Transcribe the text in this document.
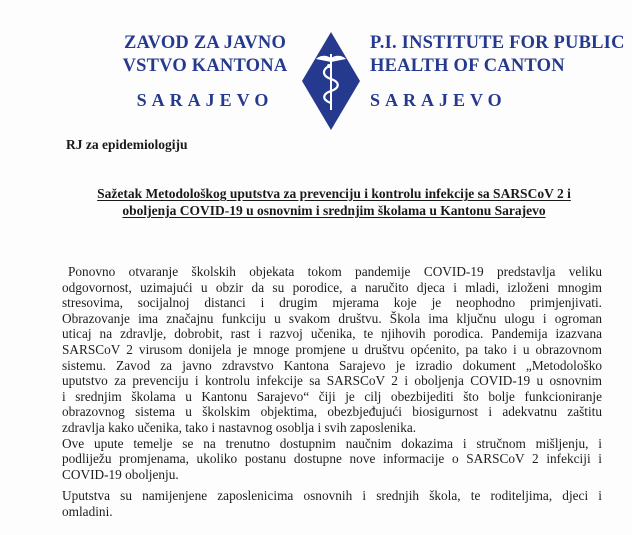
ZAVOD ZA JAVNO
VSTVO KANTONA
SARAJEVO
P.I. INSTITUTE FOR PUBLIC
HEALTH OF CANTON
SARAJEVO
RJ za epidemiologiju
Sažetak Metodološkog uputstva za prevenciju i kontrolu infekcije sa SARSCoV 2 i
oboljenja COVID-19 u osnovnim i srednjim školama u Kantonu Sarajevo
Ponovno otvaranje školskih objekata tokom pandemije COVID-19 predstavlja veliku
odgovornost, uzimajući u obzir da su porodice, a naručito djeca i mladi, izloženi mnogim
stresovima, socijalnoj distanci i drugim mjerama koje je neophodno primjenjivati.
Obrazovanje ima značajnu funkciju u svakom društvu. Škola ima ključnu ulogu i ogroman
uticaj na zdravlje, dobrobit, rast i razvoj učenika, te njihovih porodica. Pandemija izazvana
SARSCoV 2 virusom donijela je mnoge promjene u društvu općenito, pa tako i u obrazovnom
sistemu. Zavod za javno zdravstvo Kantona Sarajevo je izradio dokument „Metodološko
uputstvo za prevenciju i kontrolu infekcije sa SARSCoV 2 i oboljenja COVID-19 u osnovnim
i srednjim školama u Kantonu Sarajevo“ čiji je cilj obezbijediti što bolje funkcioniranje
obrazovnog sistema u školskim objektima, obezbjeđujući biosigurnost i adekvatnu zaštitu
zdravlja kako učenika, tako i nastavnog osoblja i svih zaposlenika.
Ove upute temelje se na trenutno dostupnim naučnim dokazima i stručnom mišljenju, i
podliježu promjenama, ukoliko postanu dostupne nove informacije o SARSCoV 2 infekciji i
COVID-19 oboljenju.
Uputstva su namijenjene zaposlenicima osnovnih i srednjih škola, te roditeljima, djeci i
omladini.
